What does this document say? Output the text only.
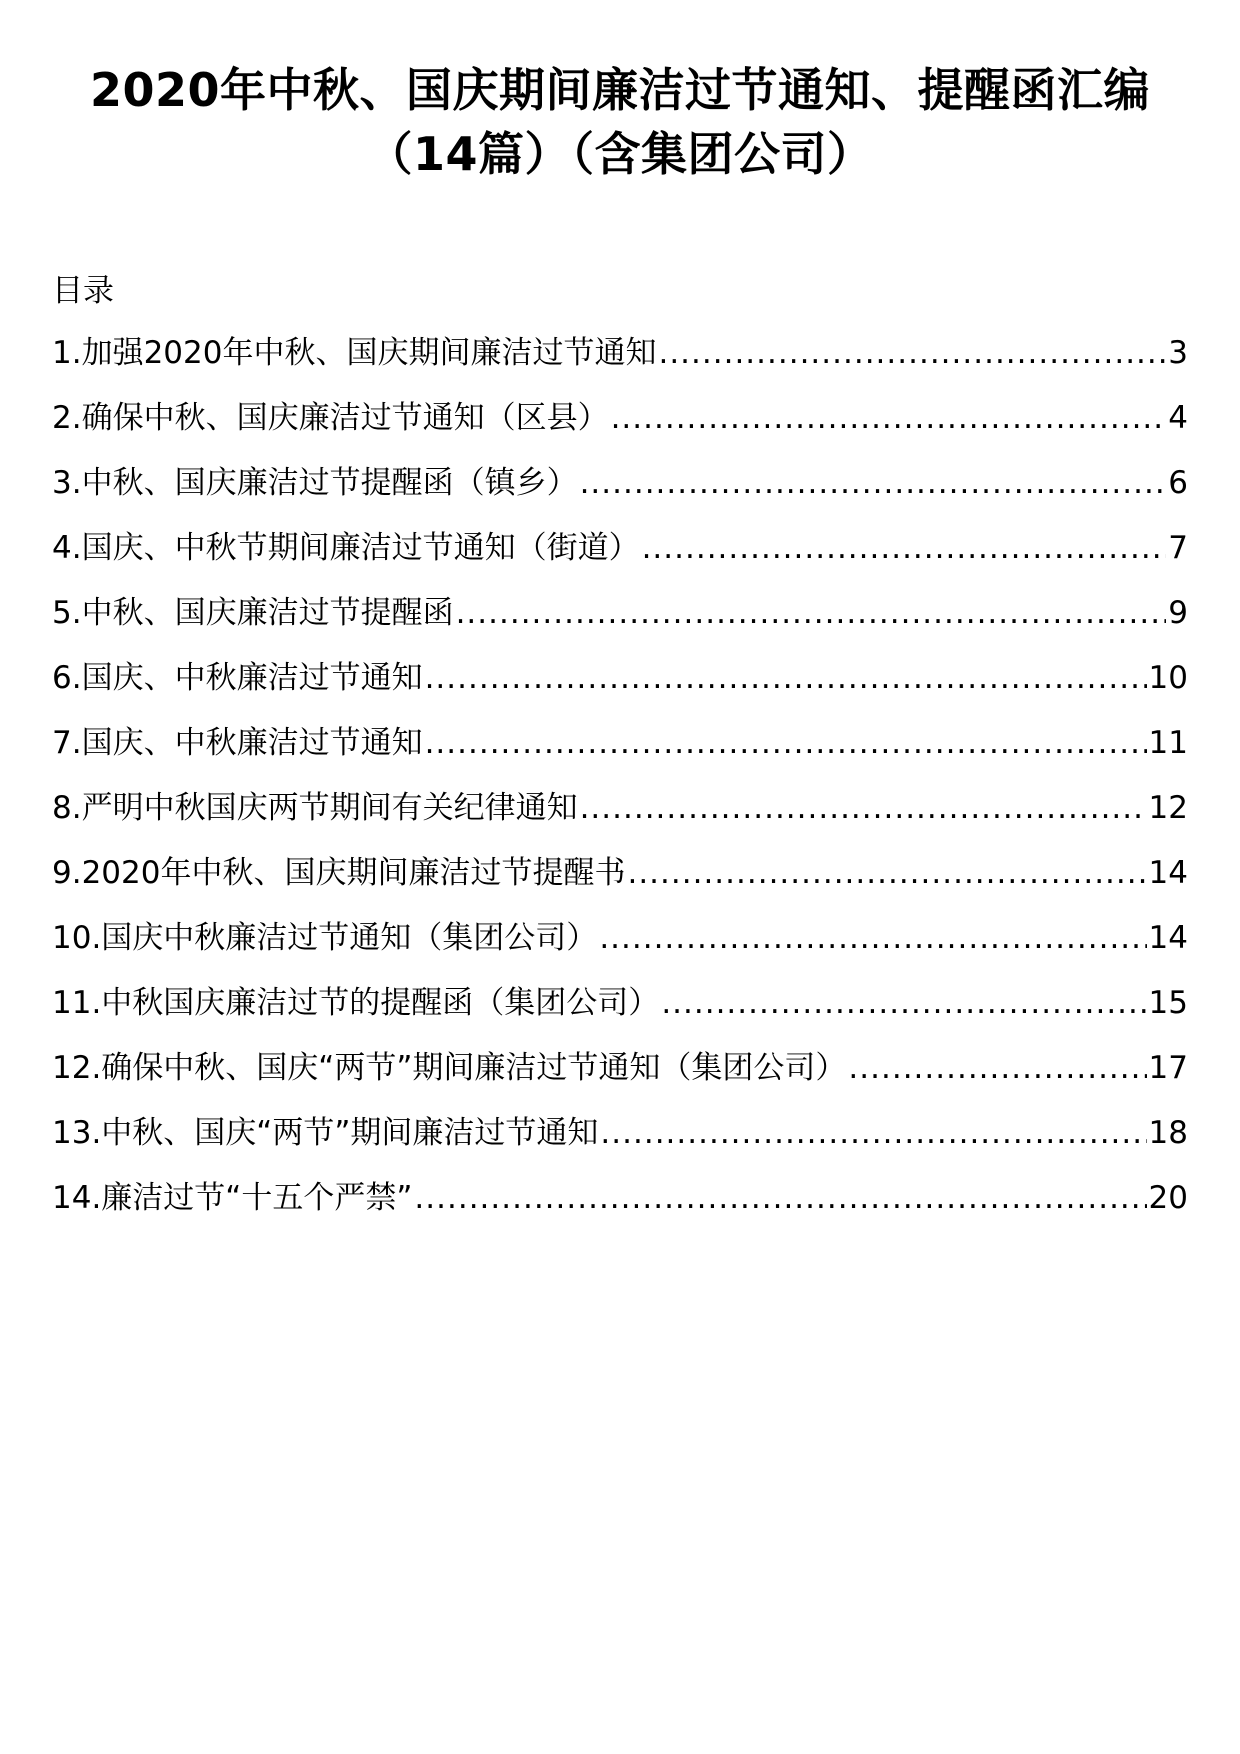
2020年中秋、国庆期间廉洁过节通知、提醒函汇编
（14篇）（含集团公司）
目录
1.加强2020年中秋、国庆期间廉洁过节通知 .....	3
2.确保中秋、国庆廉洁过节通知（区县） .....	4
3.中秋、国庆廉洁过节提醒函（镇乡） .....	6
4.国庆、中秋节期间廉洁过节通知（街道） .....	7
5.中秋、国庆廉洁过节提醒函 .....	9
6.国庆、中秋廉洁过节通知 .....	10
7.国庆、中秋廉洁过节通知 .....	11
8.严明中秋国庆两节期间有关纪律通知 .....	12
9.2020年中秋、国庆期间廉洁过节提醒书 .....	14
10.国庆中秋廉洁过节通知（集团公司） .....	14
11.中秋国庆廉洁过节的提醒函（集团公司） .....	15
12.确保中秋、国庆“两节”期间廉洁过节通知（集团公司） .....	17
13.中秋、国庆“两节”期间廉洁过节通知 .....	18
14.廉洁过节“十五个严禁” .....	20
